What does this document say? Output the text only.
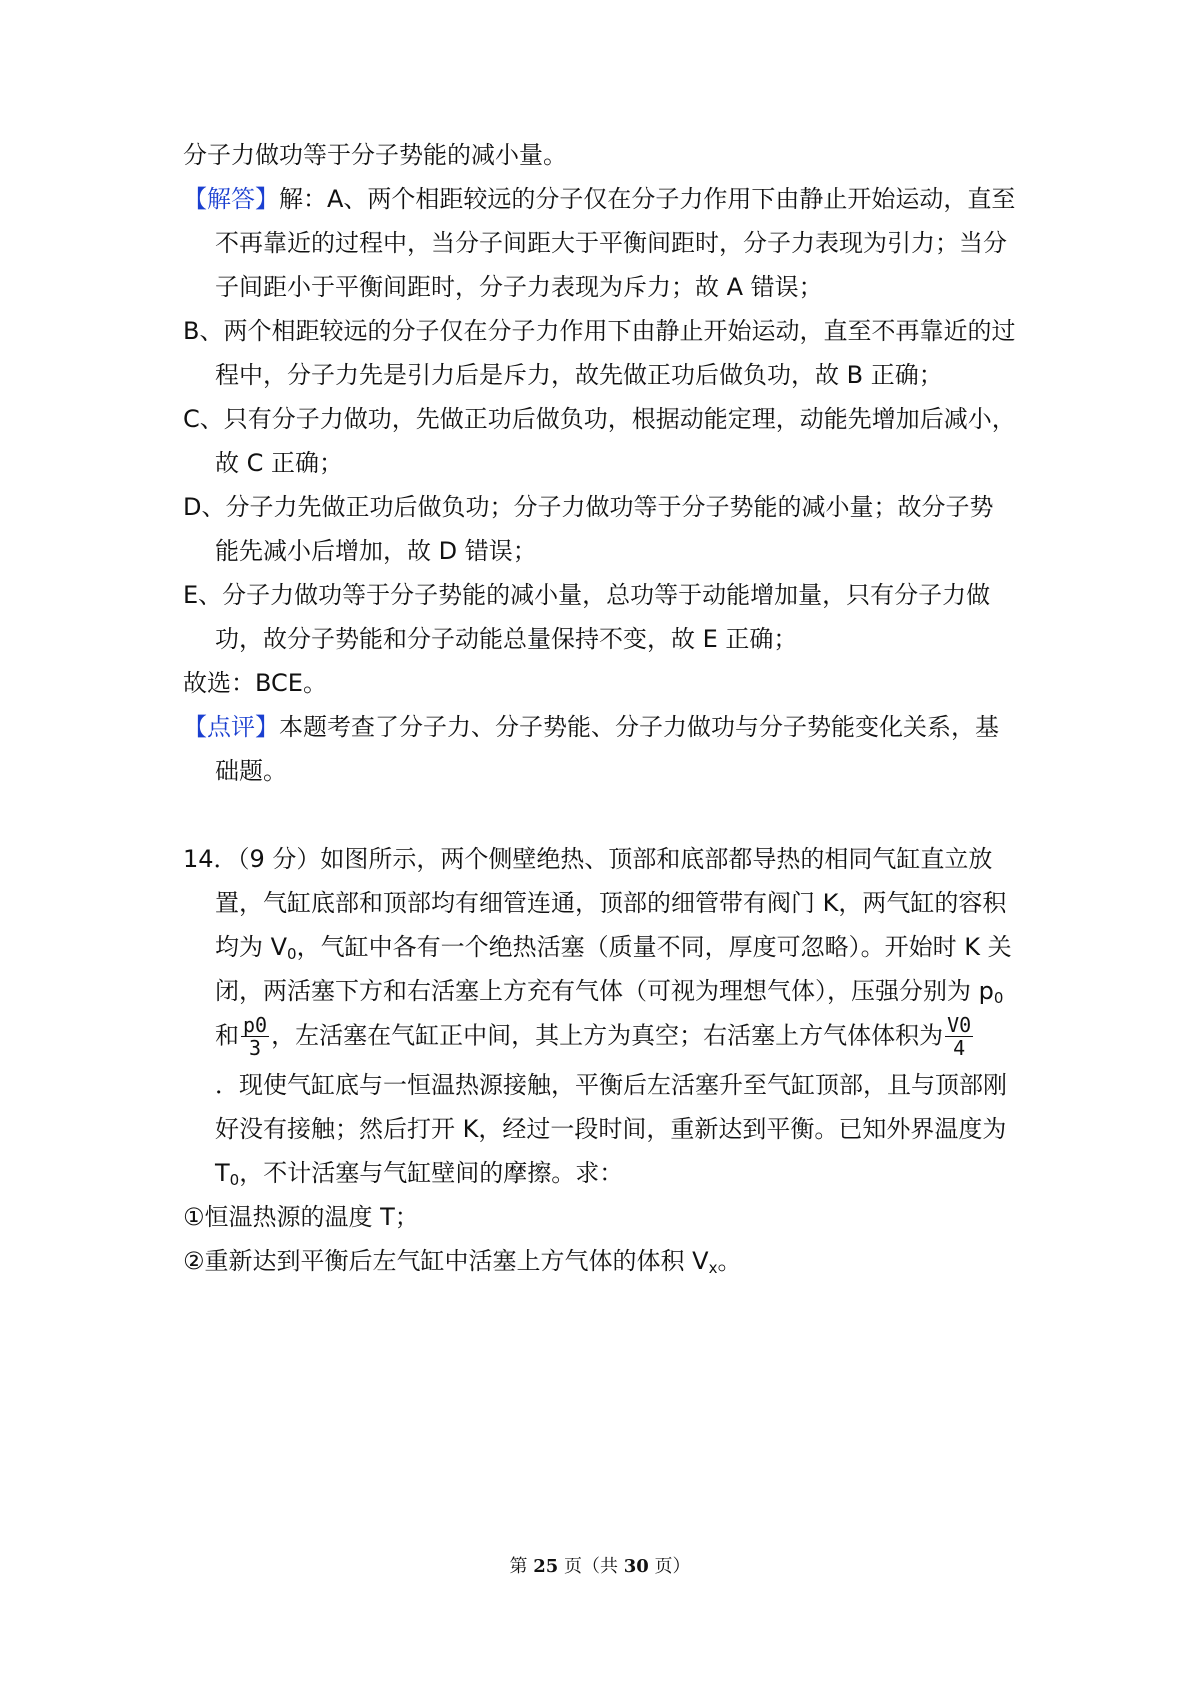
分子力做功等于分子势能的减小量。
【解答】解：A、两个相距较远的分子仅在分子力作用下由静止开始运动，直至
不再靠近的过程中，当分子间距大于平衡间距时，分子力表现为引力；当分
子间距小于平衡间距时，分子力表现为斥力；故 A 错误；
B、两个相距较远的分子仅在分子力作用下由静止开始运动，直至不再靠近的过
程中，分子力先是引力后是斥力，故先做正功后做负功，故 B 正确；
C、只有分子力做功，先做正功后做负功，根据动能定理，动能先增加后减小，
故 C 正确；
D、分子力先做正功后做负功；分子力做功等于分子势能的减小量；故分子势
能先减小后增加，故 D 错误；
E、分子力做功等于分子势能的减小量，总功等于动能增加量，只有分子力做
功，故分子势能和分子动能总量保持不变，故 E 正确；
故选：BCE。
【点评】本题考查了分子力、分子势能、分子力做功与分子势能变化关系，基
础题。
14．（9 分）如图所示，两个侧壁绝热、顶部和底部都导热的相同气缸直立放
置，气缸底部和顶部均有细管连通，顶部的细管带有阀门 K，两气缸的容积
均为 $V_0$，气缸中各有一个绝热活塞（质量不同，厚度可忽略）。开始时 K 关
闭，两活塞下方和右活塞上方充有气体（可视为理想气体），压强分别为 $p_0$
和 $\frac{p0}{3}$ ，左活塞在气缸正中间，其上方为真空；右活塞上方气体体积为 $\frac{V0}{4}$
．现使气缸底与一恒温热源接触，平衡后左活塞升至气缸顶部，且与顶部刚
好没有接触；然后打开 K，经过一段时间，重新达到平衡。已知外界温度为
$T_0$，不计活塞与气缸壁间的摩擦。求：
①恒温热源的温度 T；
②重新达到平衡后左气缸中活塞上方气体的体积 $V_x$。
第 25 页（共 30 页）
